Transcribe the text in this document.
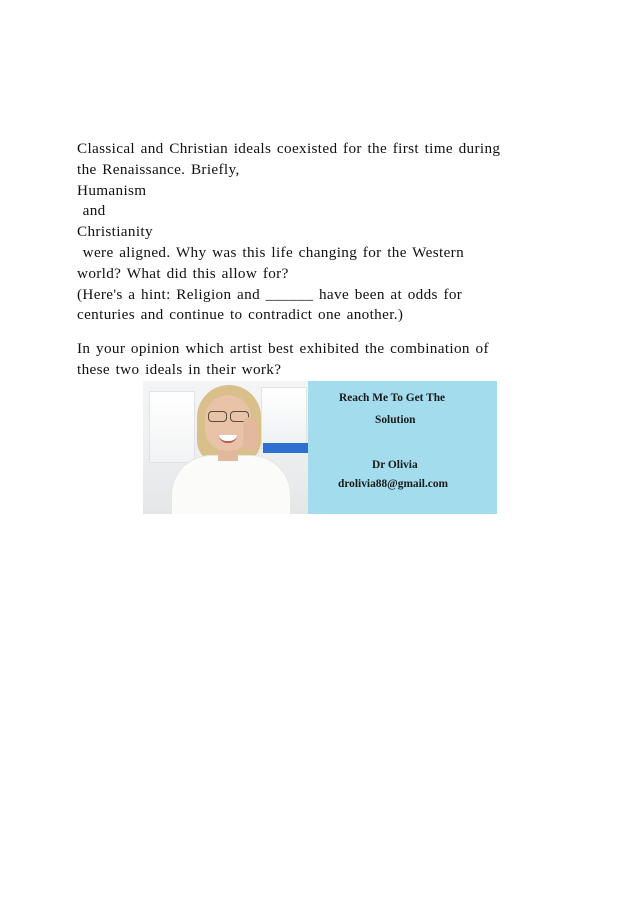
Classical and Christian ideals coexisted for the first time during
the Renaissance. Briefly,
Humanism
and
Christianity
were aligned. Why was this life changing for the Western
world? What did this allow for?
(Here's a hint: Religion and ______ have been at odds for
centuries and continue to contradict one another.)
In your opinion which artist best exhibited the combination of
these two ideals in their work?
Reach Me To Get The
Solution
Dr Olivia
drolivia88@gmail.com
